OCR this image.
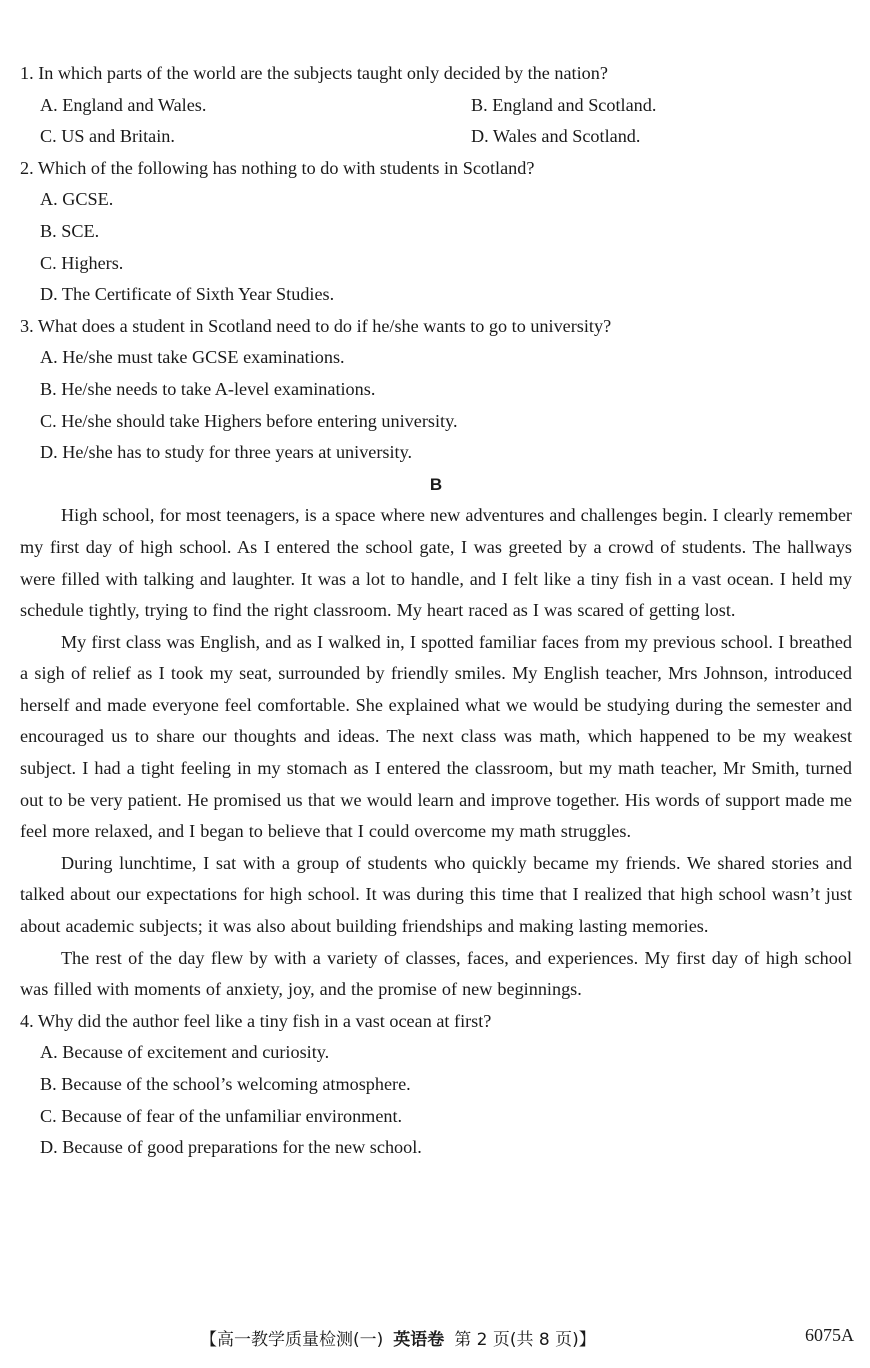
1. In which parts of the world are the subjects taught only decided by the nation?
A. England and Wales.	B. England and Scotland.
C. US and Britain.	D. Wales and Scotland.
2. Which of the following has nothing to do with students in Scotland?
A. GCSE.
B. SCE.
C. Highers.
D. The Certificate of Sixth Year Studies.
3. What does a student in Scotland need to do if he/she wants to go to university?
A. He/she must take GCSE examinations.
B. He/she needs to take A-level examinations.
C. He/she should take Highers before entering university.
D. He/she has to study for three years at university.
B

High school, for most teenagers, is a space where new adventures and challenges begin. I clearly remember my first day of high school. As I entered the school gate, I was greeted by a crowd of students. The hallways were filled with talking and laughter. It was a lot to handle, and I felt like a tiny fish in a vast ocean. I held my schedule tightly, trying to find the right classroom. My heart raced as I was scared of getting lost.

My first class was English, and as I walked in, I spotted familiar faces from my previous school. I breathed a sigh of relief as I took my seat, surrounded by friendly smiles. My English teacher, Mrs Johnson, introduced herself and made everyone feel comfortable. She explained what we would be studying during the semester and encouraged us to share our thoughts and ideas. The next class was math, which happened to be my weakest subject. I had a tight feeling in my stomach as I entered the classroom, but my math teacher, Mr Smith, turned out to be very patient. He promised us that we would learn and improve together. His words of support made me feel more relaxed, and I began to believe that I could overcome my math struggles.

During lunchtime, I sat with a group of students who quickly became my friends. We shared stories and talked about our expectations for high school. It was during this time that I realized that high school wasn’t just about academic subjects; it was also about building friendships and making lasting memories.

The rest of the day flew by with a variety of classes, faces, and experiences. My first day of high school was filled with moments of anxiety, joy, and the promise of new beginnings.

4. Why did the author feel like a tiny fish in a vast ocean at first?
A. Because of excitement and curiosity.
B. Because of the school’s welcoming atmosphere.
C. Because of fear of the unfamiliar environment.
D. Because of good preparations for the new school.
【高一教学质量检测(一) 英语卷 第 2 页(共 8 页)】	6075A
